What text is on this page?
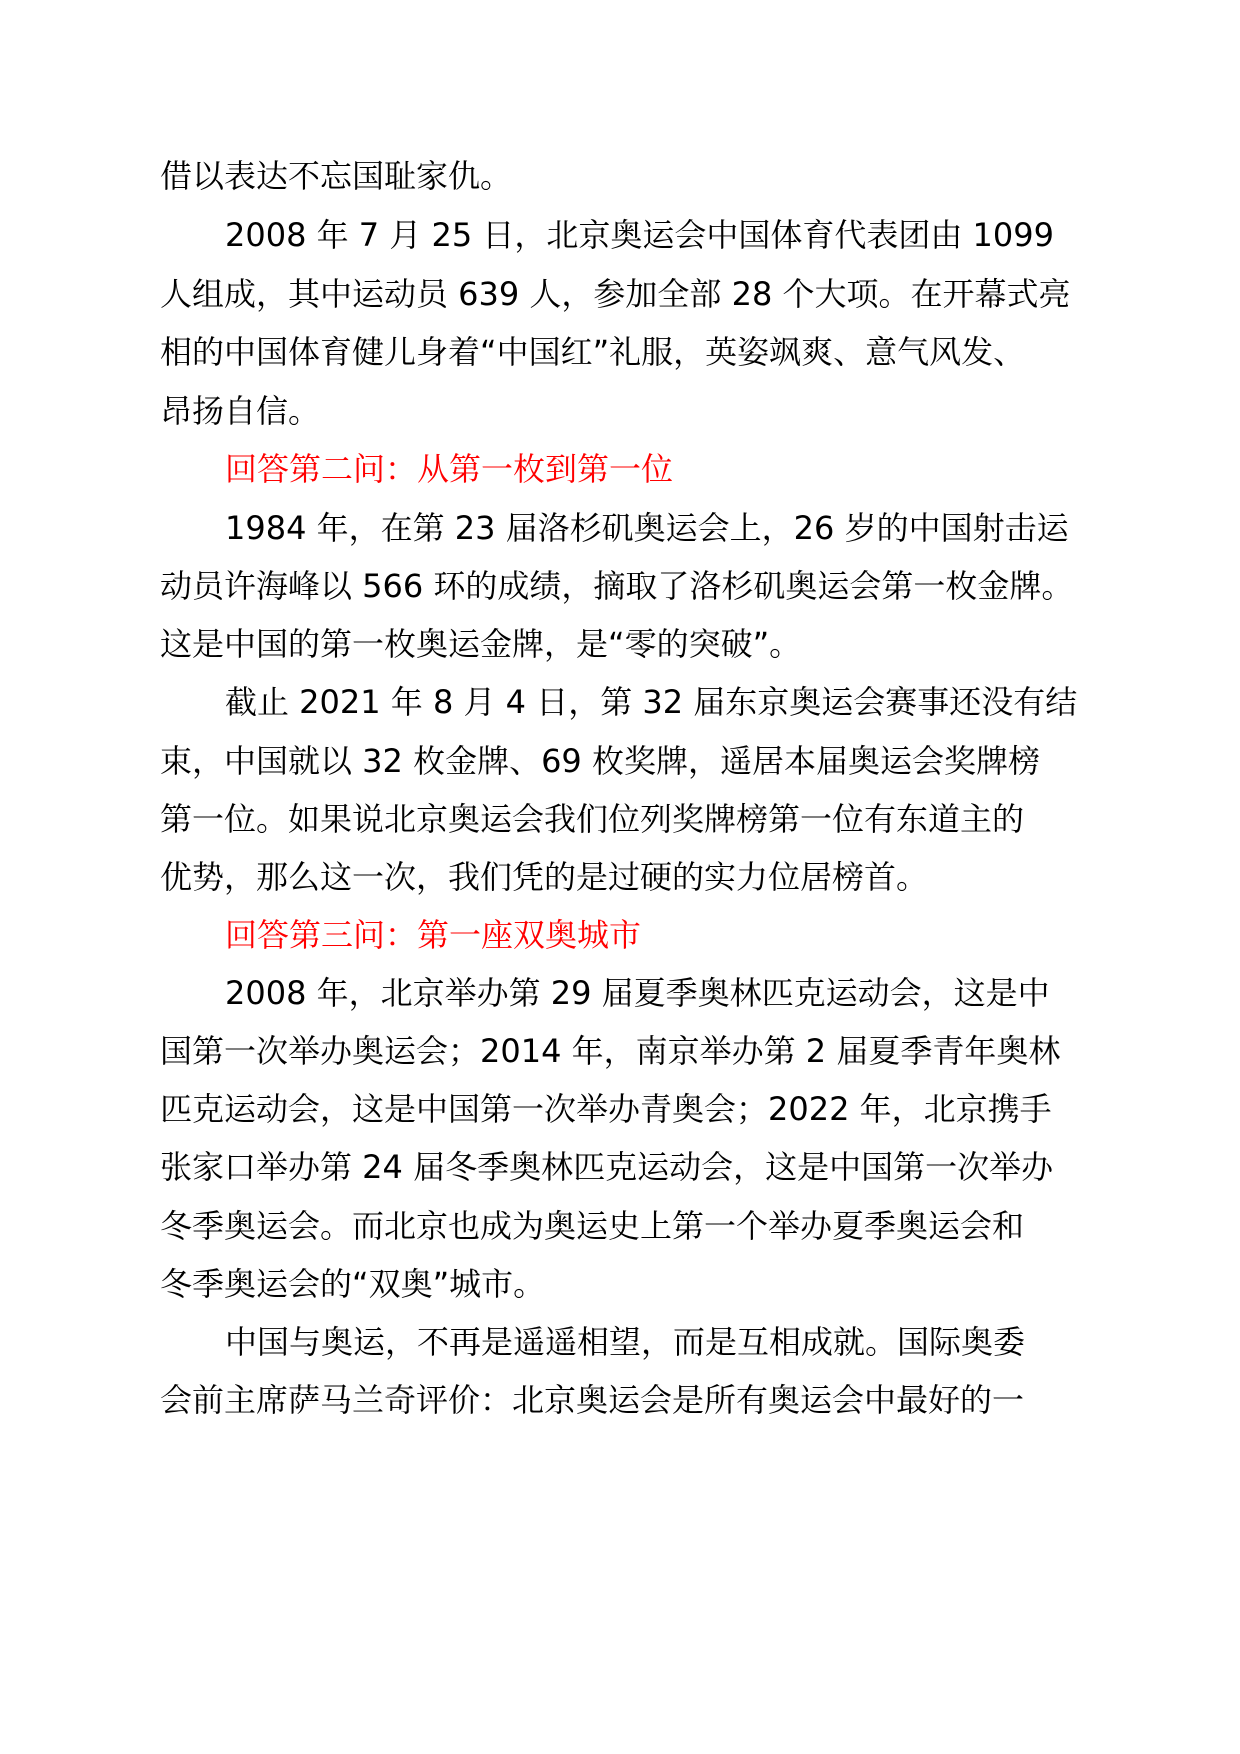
借以表达不忘国耻家仇。
2008 年 7 月 25 日，北京奥运会中国体育代表团由 1099
人组成，其中运动员 639 人，参加全部 28 个大项。在开幕式亮
相的中国体育健儿身着“中国红”礼服，英姿飒爽、意气风发、
昂扬自信。
回答第二问：从第一枚到第一位
1984 年，在第 23 届洛杉矶奥运会上，26 岁的中国射击运
动员许海峰以 566 环的成绩，摘取了洛杉矶奥运会第一枚金牌。
这是中国的第一枚奥运金牌，是“零的突破”。
截止 2021 年 8 月 4 日，第 32 届东京奥运会赛事还没有结
束，中国就以 32 枚金牌、69 枚奖牌，遥居本届奥运会奖牌榜
第一位。如果说北京奥运会我们位列奖牌榜第一位有东道主的
优势，那么这一次，我们凭的是过硬的实力位居榜首。
回答第三问：第一座双奥城市
2008 年，北京举办第 29 届夏季奥林匹克运动会，这是中
国第一次举办奥运会；2014 年，南京举办第 2 届夏季青年奥林
匹克运动会，这是中国第一次举办青奥会；2022 年，北京携手
张家口举办第 24 届冬季奥林匹克运动会，这是中国第一次举办
冬季奥运会。而北京也成为奥运史上第一个举办夏季奥运会和
冬季奥运会的“双奥”城市。
中国与奥运，不再是遥遥相望，而是互相成就。国际奥委
会前主席萨马兰奇评价：北京奥运会是所有奥运会中最好的一
